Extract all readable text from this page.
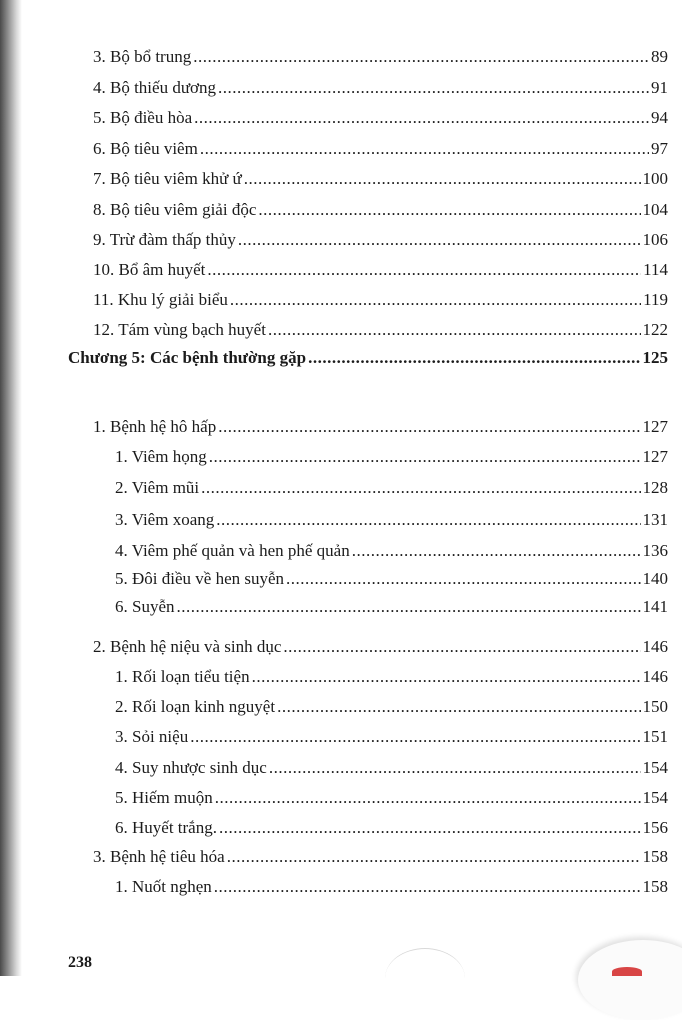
3. Bộ bổ trung .....	89
4. Bộ thiếu dương .....	91
5. Bộ điều hòa .....	94
6. Bộ tiêu viêm .....	97
7. Bộ tiêu viêm khử ứ .....	100
8. Bộ tiêu viêm giải độc .....	104
9. Trừ đàm thấp thủy .....	106
10. Bổ âm huyết .....	114
11. Khu lý giải biểu .....	119
12. Tám vùng bạch huyết .....	122
Chương 5: Các bệnh thường gặp .....	125
1. Bệnh hệ hô hấp .....	127
1. Viêm họng .....	127
2. Viêm mũi .....	128
3. Viêm xoang .....	131
4. Viêm phế quản và hen phế quản .....	136
5. Đôi điều về hen suyễn .....	140
6. Suyễn .....	141
2. Bệnh hệ niệu và sinh dục .....	146
1. Rối loạn tiểu tiện .....	146
2. Rối loạn kinh nguyệt .....	150
3. Sỏi niệu .....	151
4. Suy nhược sinh dục .....	154
5. Hiếm muộn .....	154
6. Huyết trắng. .....	156
3. Bệnh hệ tiêu hóa .....	158
1. Nuốt nghẹn .....	158
238
